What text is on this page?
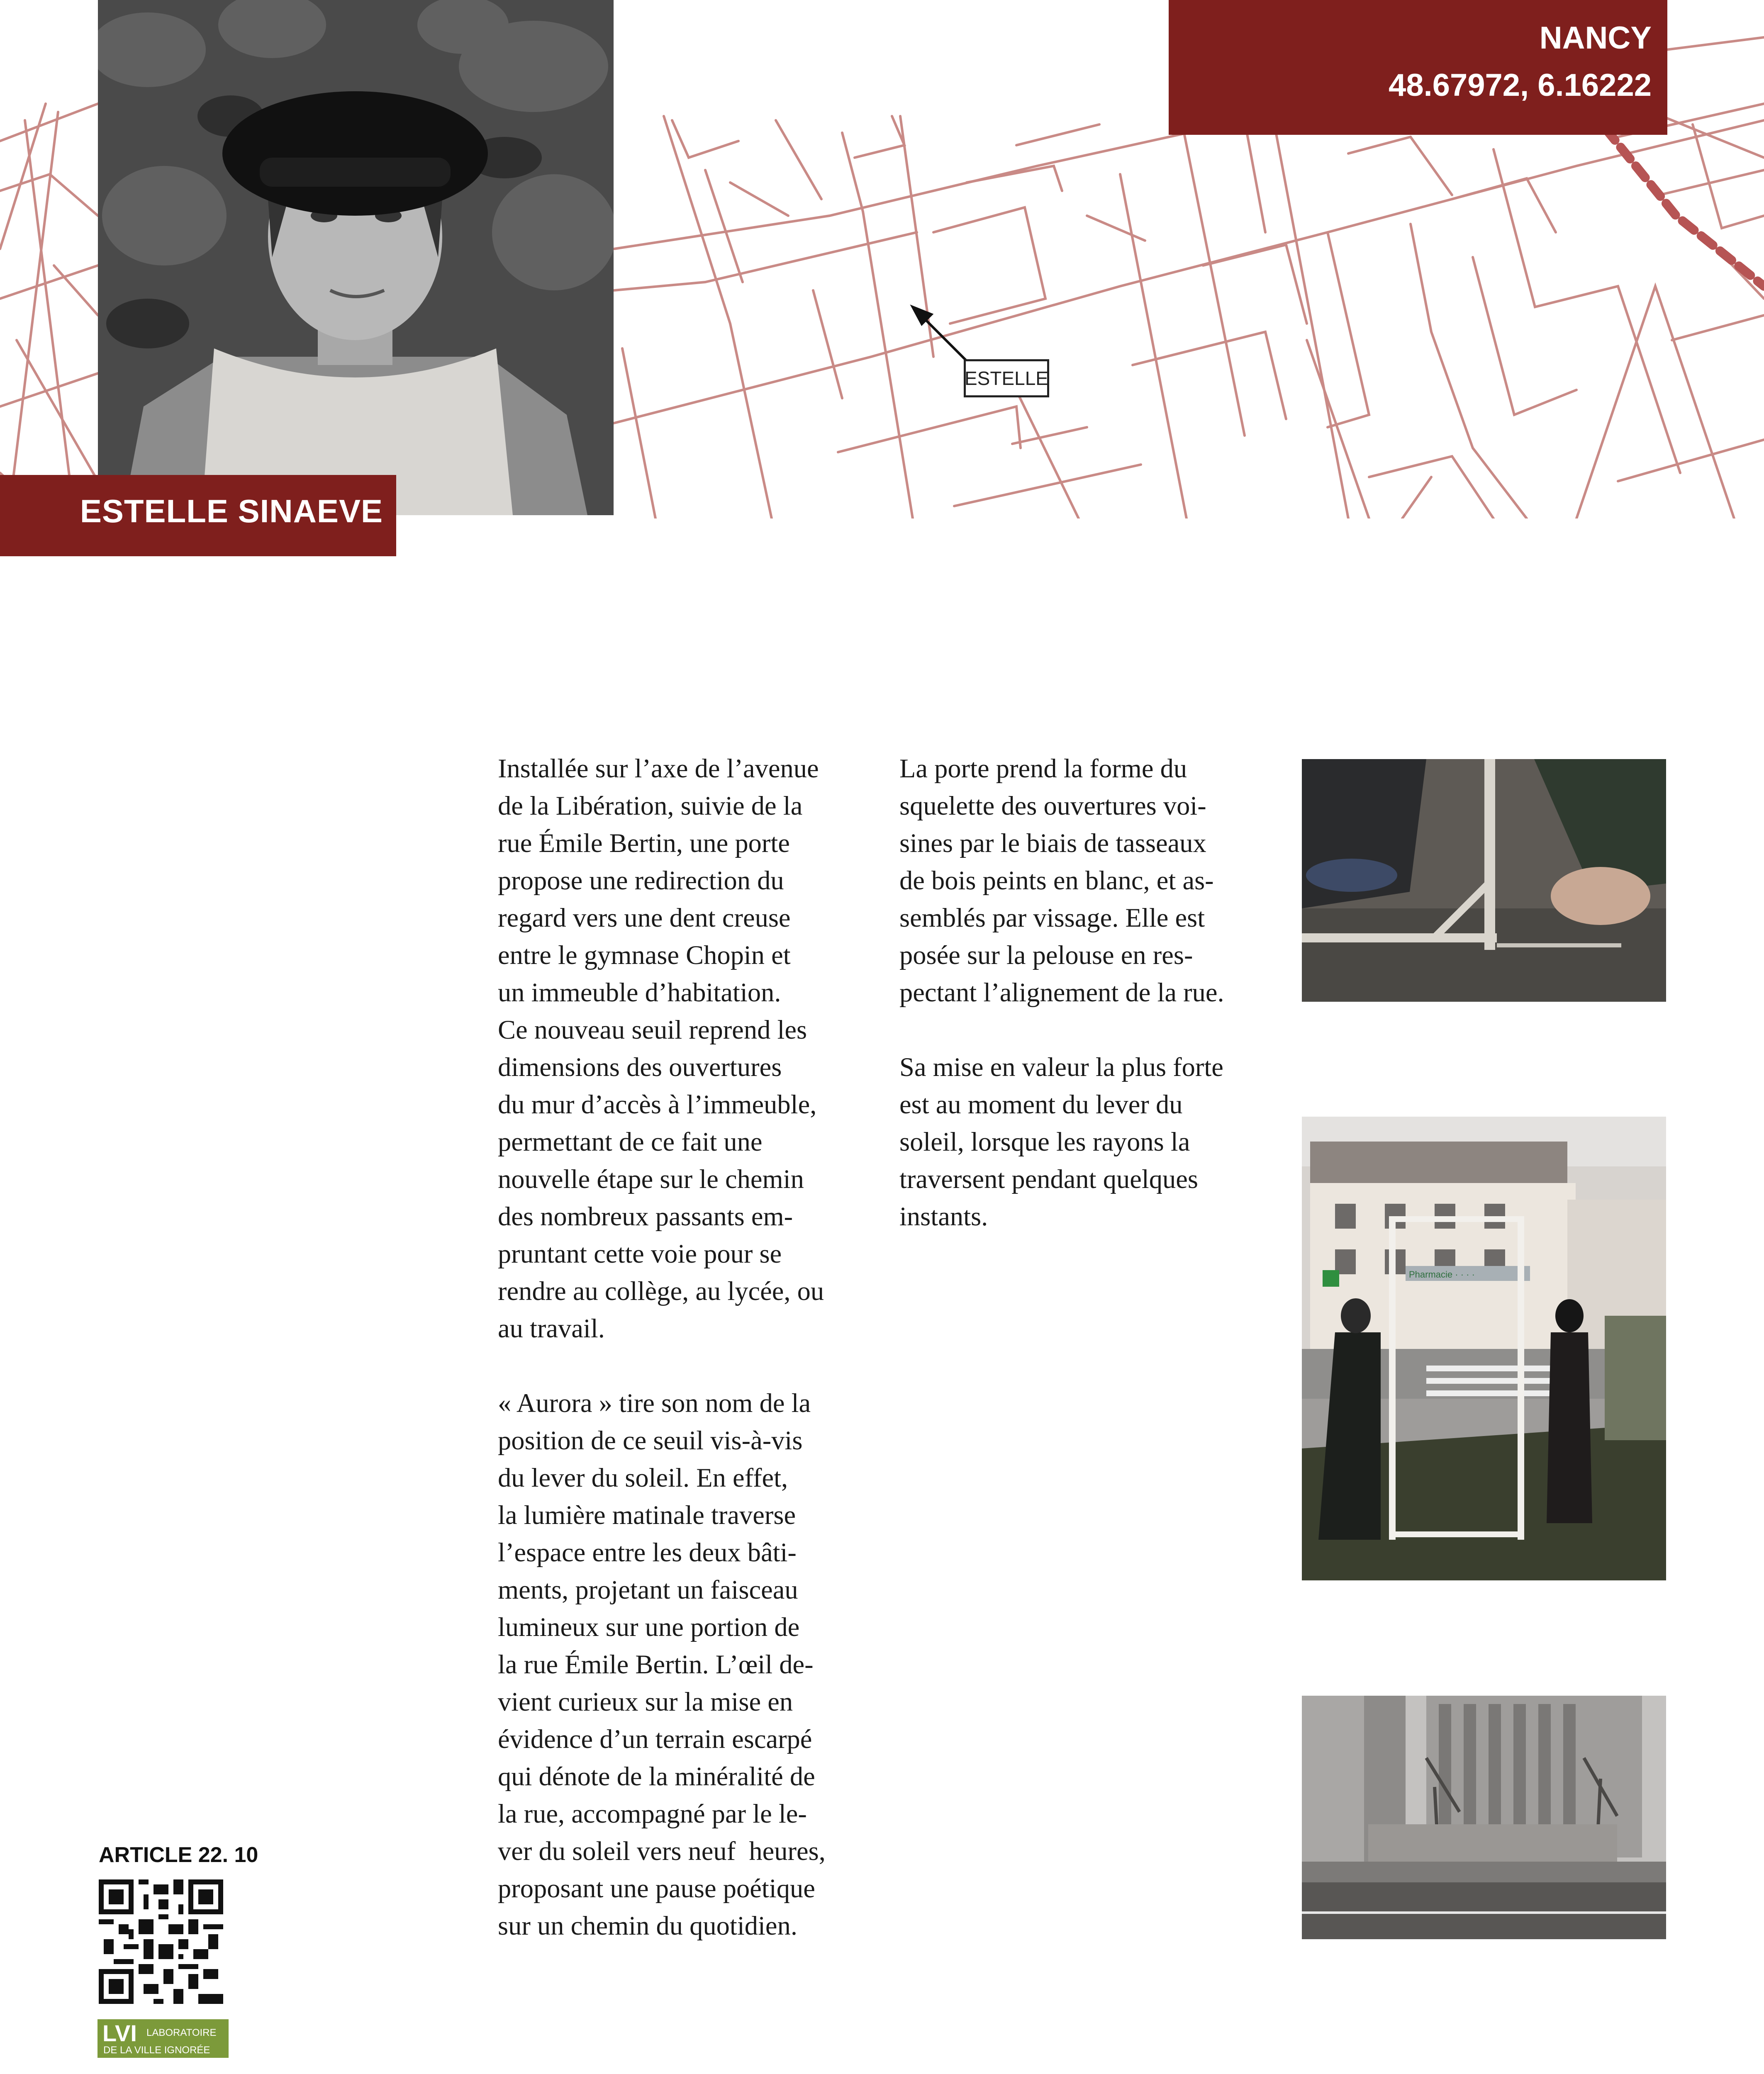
ESTELLE
ESTELLE SINAEVE
NANCY
48.67972, 6.16222

Installée sur l’axe de l’avenue

de la Libération, suivie de la

rue Émile Bertin, une porte

propose une redirection du

regard vers une dent creuse

entre le gymnase Chopin et

un immeuble d’habitation.

Ce nouveau seuil reprend les

dimensions des ouvertures

du mur d’accès à l’immeuble,

permettant de ce fait une

nouvelle étape sur le chemin

des nombreux passants em-

pruntant cette voie pour se

rendre au collège, au lycée, ou

au travail.

« Aurora » tire son nom de la

position de ce seuil vis-à-vis

du lever du soleil. En effet,

la lumière matinale traverse

l’espace entre les deux bâti-

ments, projetant un faisceau

lumineux sur une portion de

la rue Émile Bertin. L’œil de-

vient curieux sur la mise en

évidence d’un terrain escarpé

qui dénote de la minéralité de

la rue, accompagné par le le-

ver du soleil vers neuf  heures,

proposant une pause poétique

sur un chemin du quotidien.

La porte prend la forme du

squelette des ouvertures voi-

sines par le biais de tasseaux

de bois peints en blanc, et as-

semblés par vissage. Elle est

posée sur la pelouse en res-

pectant l’alignement de la rue.

Sa mise en valeur la plus forte

est au moment du lever du

soleil, lorsque les rayons la

traversent pendant quelques

instants.

Pharmacie · · · ·
ARTICLE 22. 10
LVI LABORATOIRE
DE LA VILLE IGNORÉE
